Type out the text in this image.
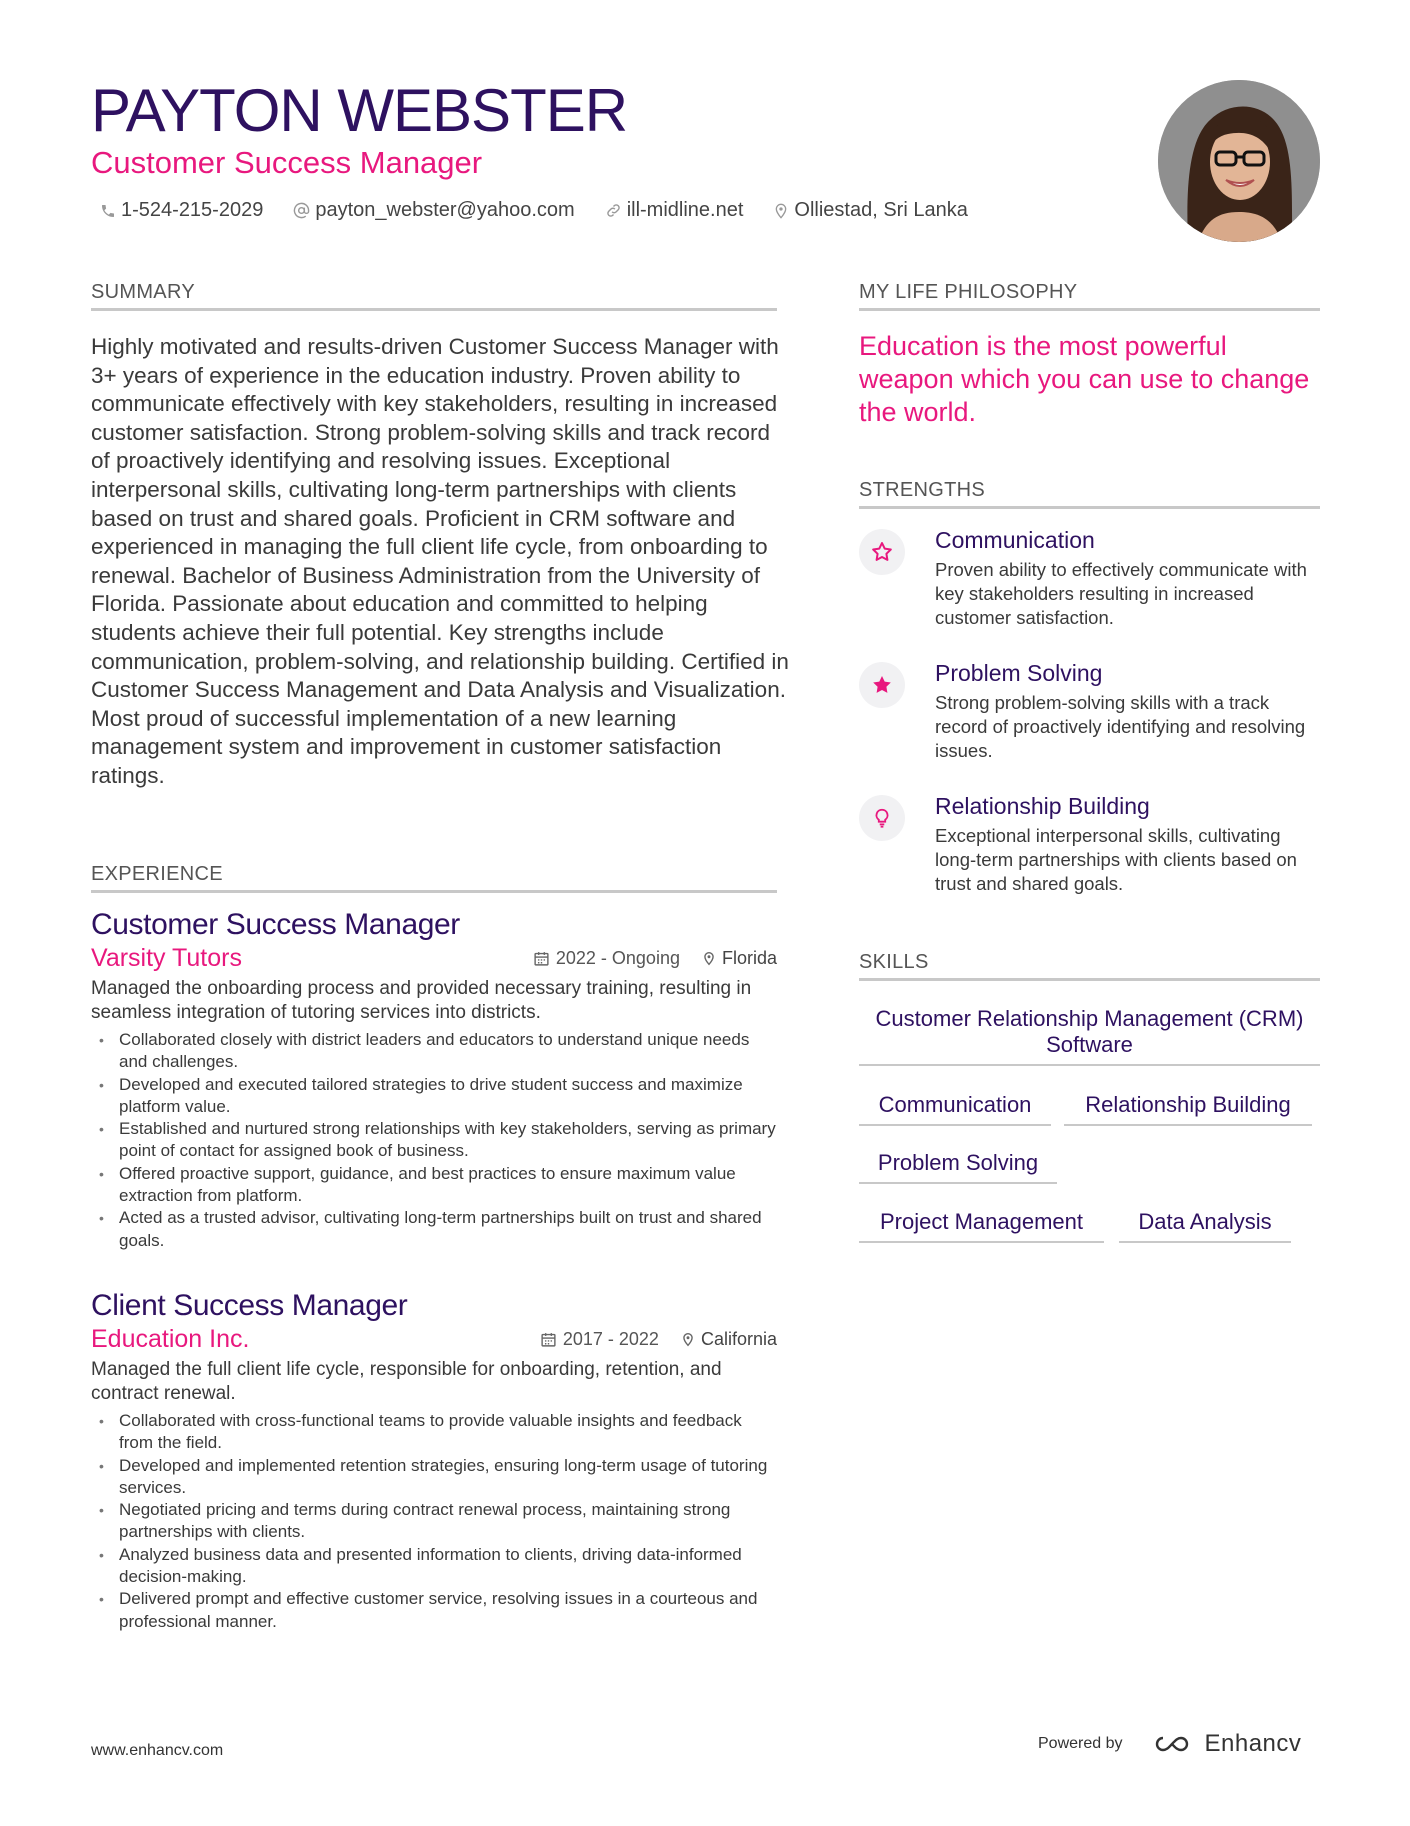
PAYTON WEBSTER
Customer Success Manager
1-524-215-2029	payton_webster@yahoo.com	ill-midline.net	Olliestad, Sri Lanka
SUMMARY
Highly motivated and results-driven Customer Success Manager with 3+ years of experience in the education industry. Proven ability to communicate effectively with key stakeholders, resulting in increased customer satisfaction. Strong problem-solving skills and track record of proactively identifying and resolving issues. Exceptional interpersonal skills, cultivating long-term partnerships with clients based on trust and shared goals. Proficient in CRM software and experienced in managing the full client life cycle, from onboarding to renewal. Bachelor of Business Administration from the University of Florida. Passionate about education and committed to helping students achieve their full potential. Key strengths include communication, problem-solving, and relationship building. Certified in Customer Success Management and Data Analysis and Visualization. Most proud of successful implementation of a new learning management system and improvement in customer satisfaction ratings.
EXPERIENCE
Customer Success Manager
Varsity Tutors	2022 - Ongoing Florida
Managed the onboarding process and provided necessary training, resulting in seamless integration of tutoring services into districts.
• Collaborated closely with district leaders and educators to understand unique needs and challenges.
• Developed and executed tailored strategies to drive student success and maximize platform value.
• Established and nurtured strong relationships with key stakeholders, serving as primary point of contact for assigned book of business.
• Offered proactive support, guidance, and best practices to ensure maximum value extraction from platform.
• Acted as a trusted advisor, cultivating long-term partnerships built on trust and shared goals.
Client Success Manager
Education Inc.	2017 - 2022 California
Managed the full client life cycle, responsible for onboarding, retention, and contract renewal.
• Collaborated with cross-functional teams to provide valuable insights and feedback from the field.
• Developed and implemented retention strategies, ensuring long-term usage of tutoring services.
• Negotiated pricing and terms during contract renewal process, maintaining strong partnerships with clients.
• Analyzed business data and presented information to clients, driving data-informed decision-making.
• Delivered prompt and effective customer service, resolving issues in a courteous and professional manner.
MY LIFE PHILOSOPHY
Education is the most powerful weapon which you can use to change the world.
STRENGTHS
Communication
Proven ability to effectively communicate with key stakeholders resulting in increased customer satisfaction.
Problem Solving
Strong problem-solving skills with a track record of proactively identifying and resolving issues.
Relationship Building
Exceptional interpersonal skills, cultivating long-term partnerships with clients based on trust and shared goals.
SKILLS
Customer Relationship Management (CRM) Software
Communication	Relationship Building
Problem Solving
Project Management	Data Analysis
www.enhancv.com	Powered by	Enhancv
